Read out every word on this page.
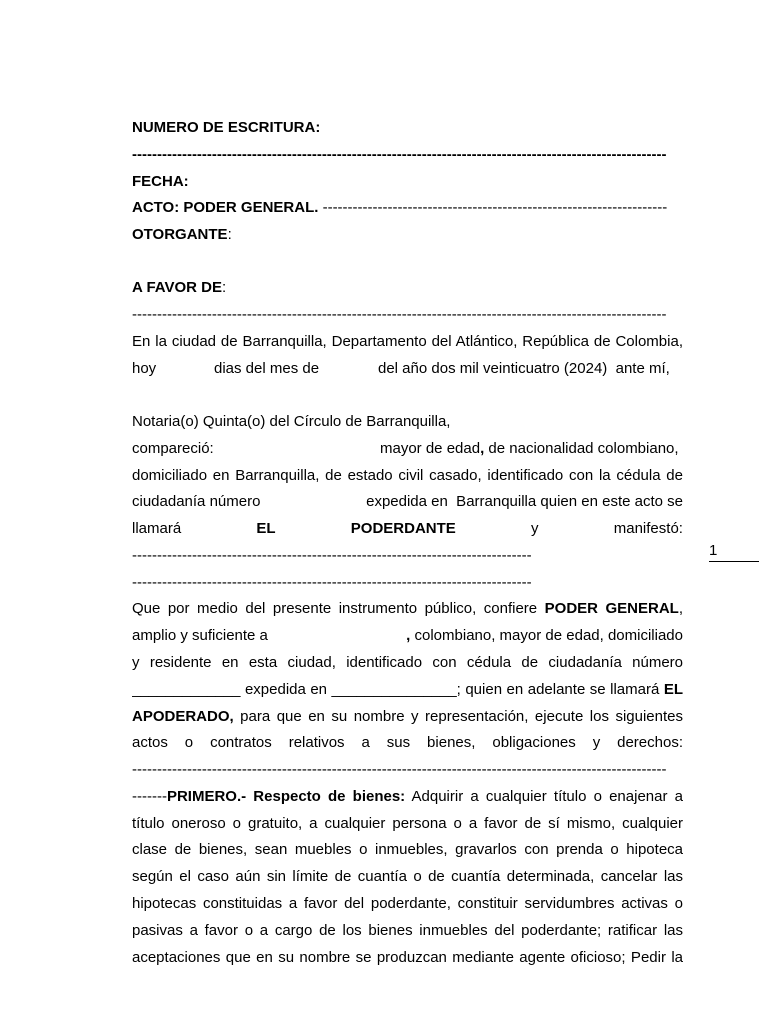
NUMERO DE ESCRITURA:
-----------------------------------------------------------------------------------------------------------
FECHA:
ACTO: PODER GENERAL. ---------------------------------------------------------------------
OTORGANTE:
A FAVOR DE:
-----------------------------------------------------------------------------------------------------------
En la ciudad de Barranquilla, Departamento del Atlántico, República de Colombia,
hoy	dias del mes de	del año dos mil veinticuatro (2024)  ante mí,
Notaria(o) Quinta(o) del Círculo de Barranquilla,
compareció:	mayor de edad, de nacionalidad colombiano,
domiciliado en Barranquilla, de estado civil casado, identificado con la cédula de
ciudadanía número	expedida en  Barranquilla quien en este acto se
llamará	EL	PODERDANTE	y	manifestó:
--------------------------------------------------------------------------------
--------------------------------------------------------------------------------
Que por medio del presente instrumento público, confiere PODER GENERAL,
amplio y suficiente a	, colombiano, mayor de edad, domiciliado
y residente en esta ciudad, identificado con cédula de ciudadanía número
_____________ expedida en _______________; quien en adelante se llamará EL
APODERADO, para que en su nombre y representación, ejecute los siguientes
actos o contratos relativos a sus bienes, obligaciones y derechos:
-----------------------------------------------------------------------------------------------------------
-------PRIMERO.- Respecto de bienes: Adquirir a cualquier título o enajenar a
título oneroso o gratuito, a cualquier persona o a favor de sí mismo, cualquier
clase de bienes, sean muebles o inmuebles, gravarlos con prenda o hipoteca
según el caso aún sin límite de cuantía o de cuantía determinada, cancelar las
hipotecas constituidas a favor del poderdante, constituir servidumbres activas o
pasivas a favor o a cargo de los bienes inmuebles del poderdante; ratificar las
aceptaciones que en su nombre se produzcan mediante agente oficioso; Pedir la
1
